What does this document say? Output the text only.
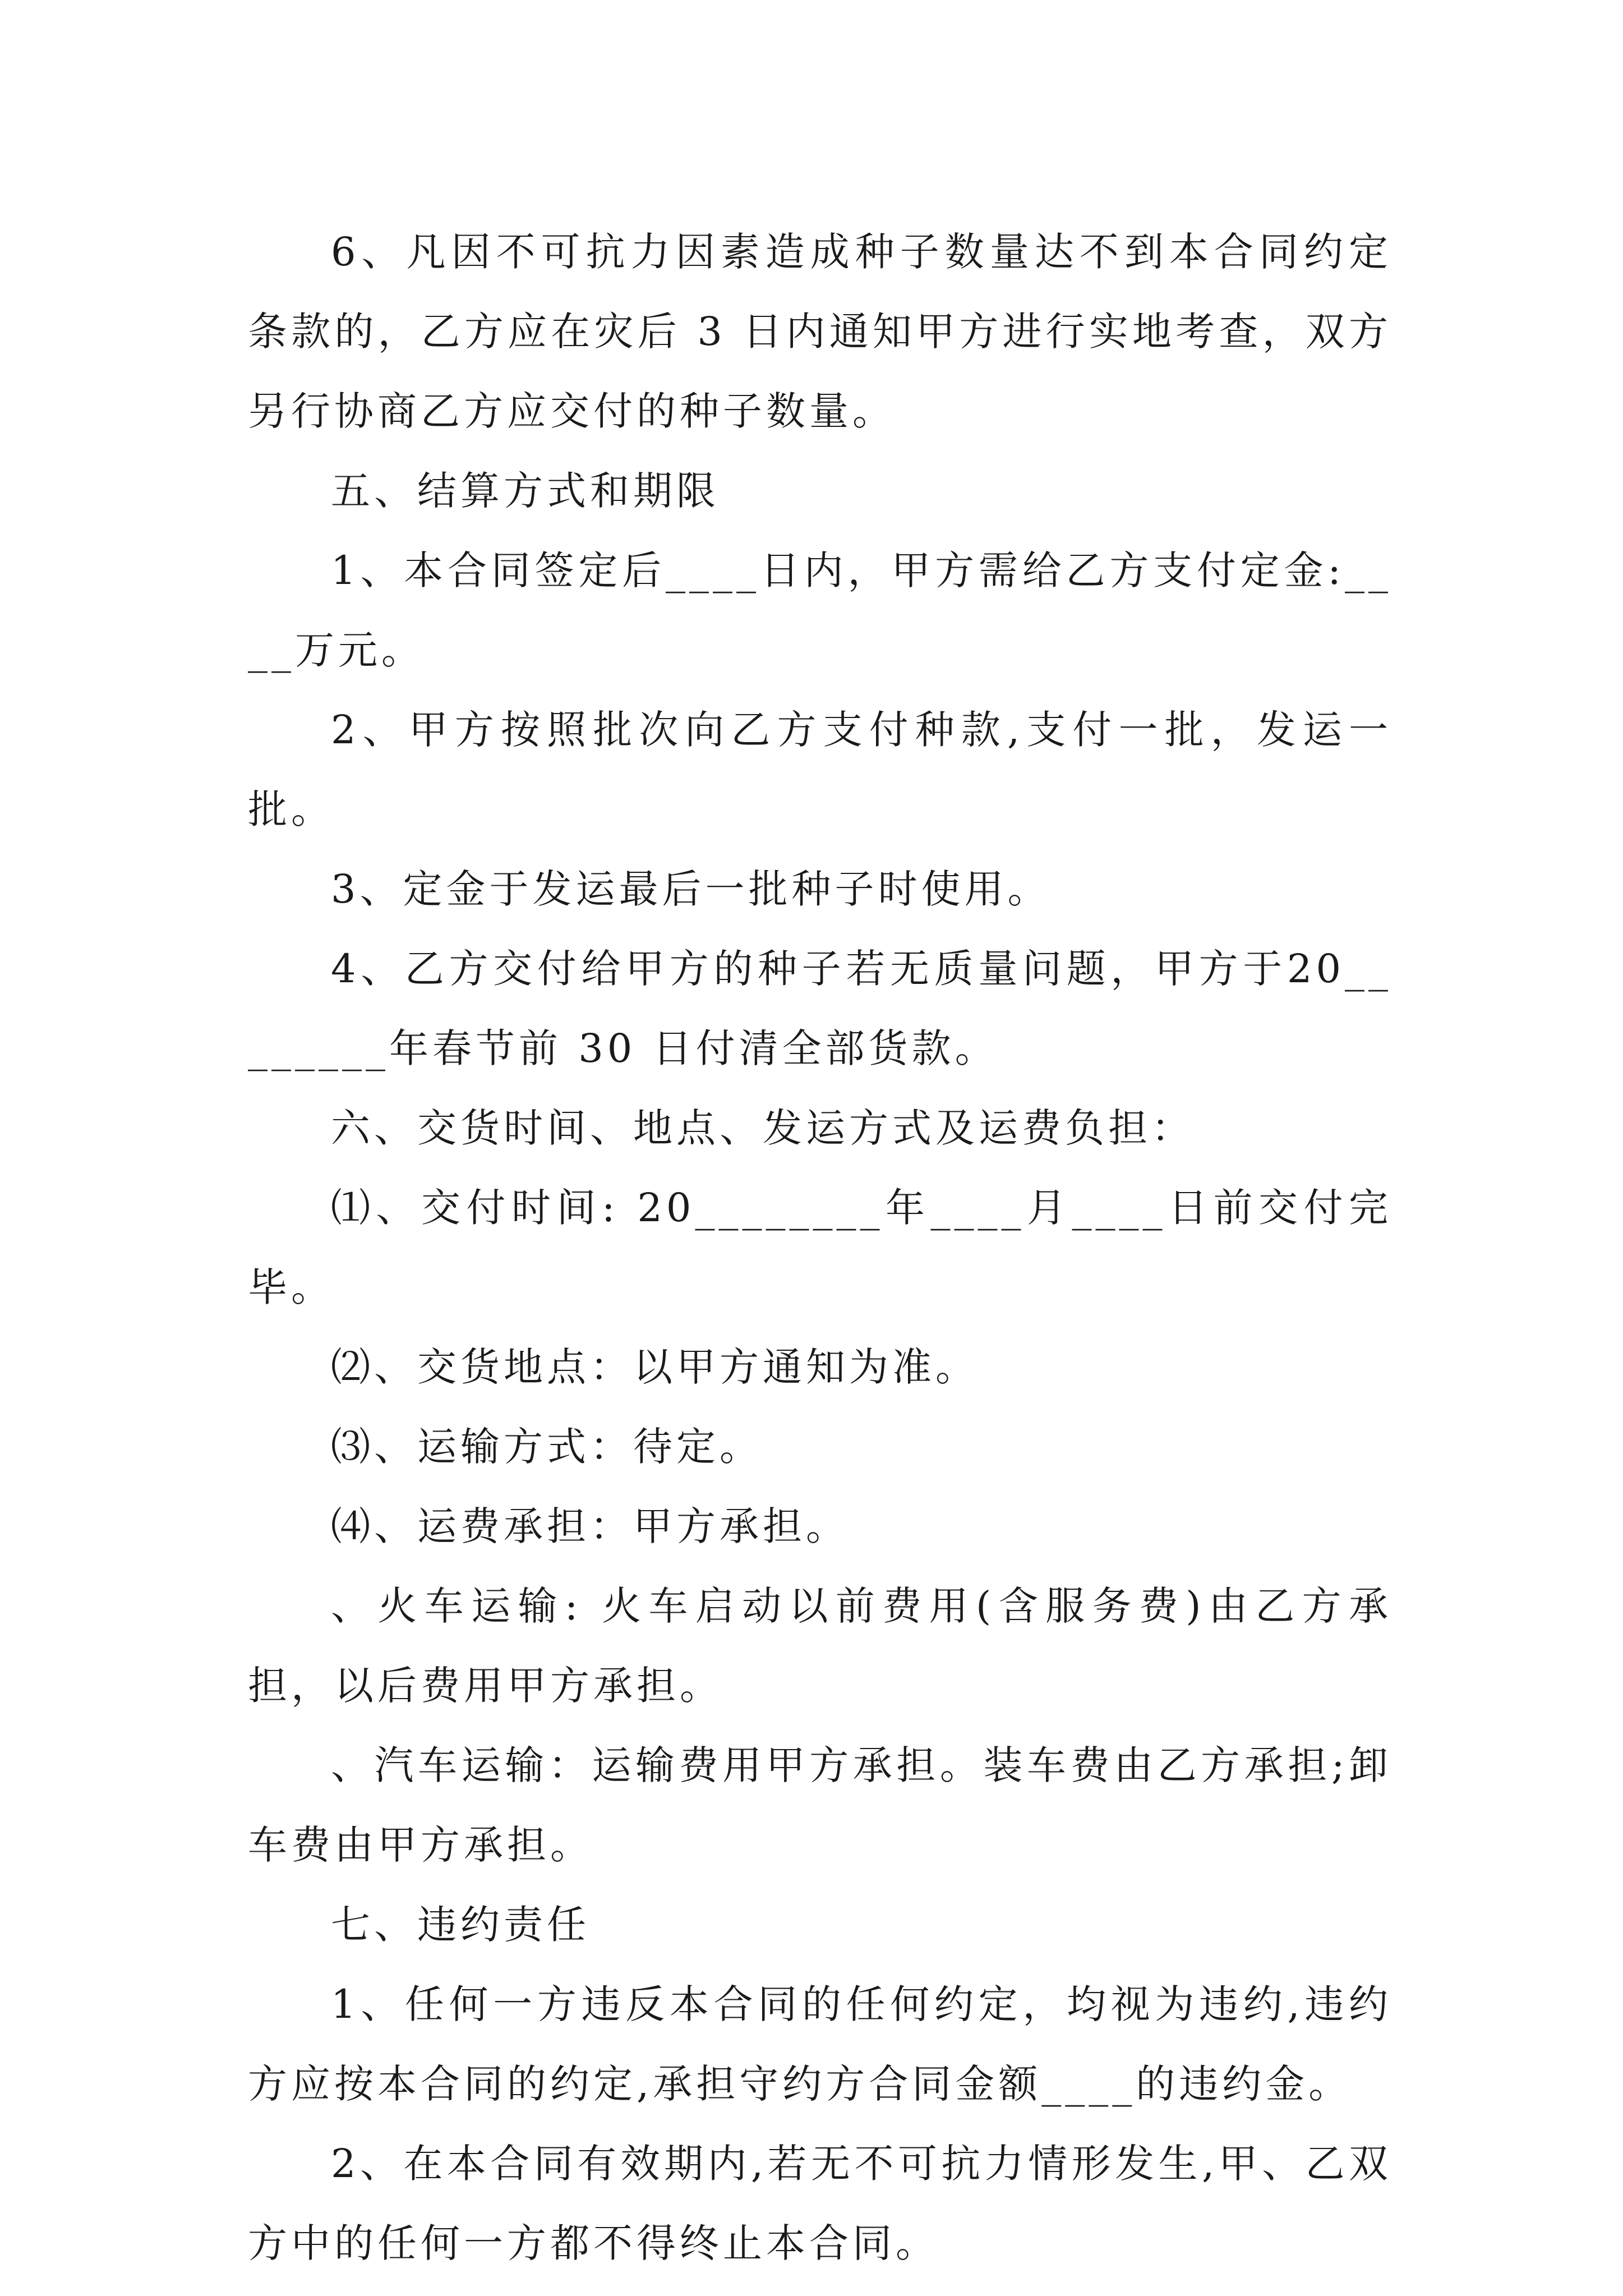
6、凡因不可抗力因素造成种子数量达不到本合同约定条款的，乙方应在灾后 3 日内通知甲方进行实地考查，双方另行协商乙方应交付的种子数量。

五、结算方式和期限

1、本合同签定后____日内，甲方需给乙方支付定金:____万元。

2、甲方按照批次向乙方支付种款,支付一批，发运一批。

3、定金于发运最后一批种子时使用。

4、乙方交付给甲方的种子若无质量问题，甲方于20________年春节前 30 日付清全部货款。

六、交货时间、地点、发运方式及运费负担：

⑴、交付时间: 20________年____月____日前交付完毕。

⑵、交货地点：以甲方通知为准。

⑶、运输方式：待定。

⑷、运费承担：甲方承担。

、火车运输: 火车启动以前费用(含服务费)由乙方承担，以后费用甲方承担。

、汽车运输：运输费用甲方承担。装车费由乙方承担;卸车费由甲方承担。

七、违约责任

1、任何一方违反本合同的任何约定，均视为违约,违约方应按本合同的约定,承担守约方合同金额____的违约金。

2、在本合同有效期内,若无不可抗力情形发生,甲、乙双方中的任何一方都不得终止本合同。
